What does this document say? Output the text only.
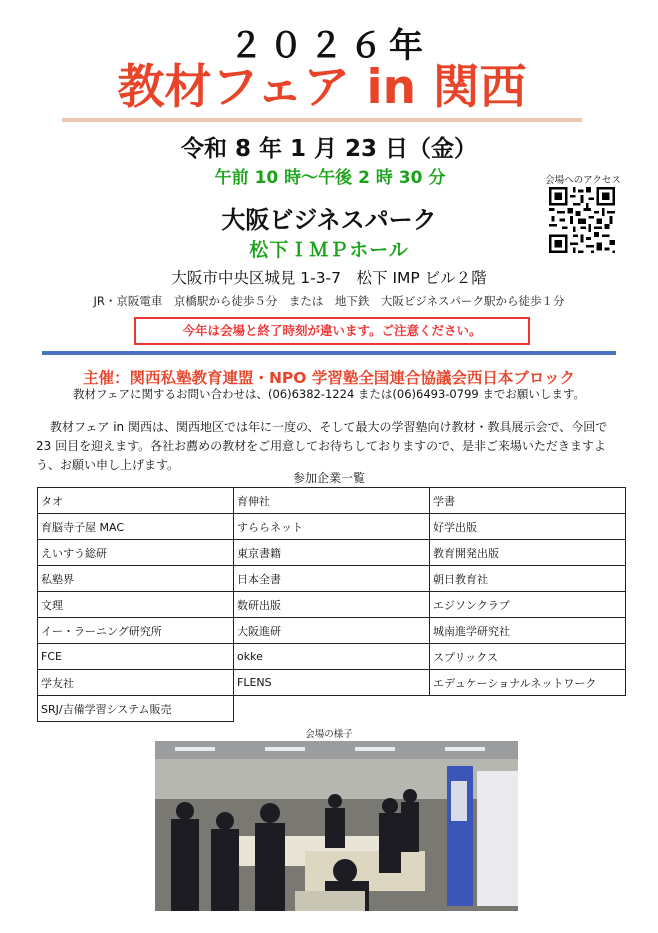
２０２６年
教材フェア in 関西
令和 8 年 1 月 23 日（金）
午前 10 時～午後 2 時 30 分	会場へのアクセス
大阪ビジネスパーク
松下ＩＭＰホール
大阪市中央区城見 1-3-7　松下 IMP ビル２階
JR・京阪電車　京橋駅から徒歩５分　または　地下鉄　大阪ビジネスパーク駅から徒歩１分
今年は会場と終了時刻が違います。ご注意ください。
主催：関西私塾教育連盟・NPO 学習塾全国連合協議会西日本ブロック
教材フェアに関するお問い合わせは、(06)6382-1224 または(06)6493-0799 までお願いします。
教材フェア in 関西は、関西地区では年に一度の、そして最大の学習塾向け教材・教具展示会で、今回で 23 回目を迎えます。各社お薦めの教材をご用意してお待ちしておりますので、是非ご来場いただきますよう、お願い申し上げます。
参加企業一覧
タオ	育伸社	学書
育脳寺子屋 MAC	すららネット	好学出版
えいすう総研	東京書籍	教育開発出版
私塾界	日本全書	朝日教育社
文理	数研出版	エジソンクラブ
イー・ラーニング研究所	大阪進研	城南進学研究社
FCE	okke	スプリックス
学友社	FLENS	エデュケーショナルネットワーク
SRJ/吉備学習システム販売		
会場の様子
